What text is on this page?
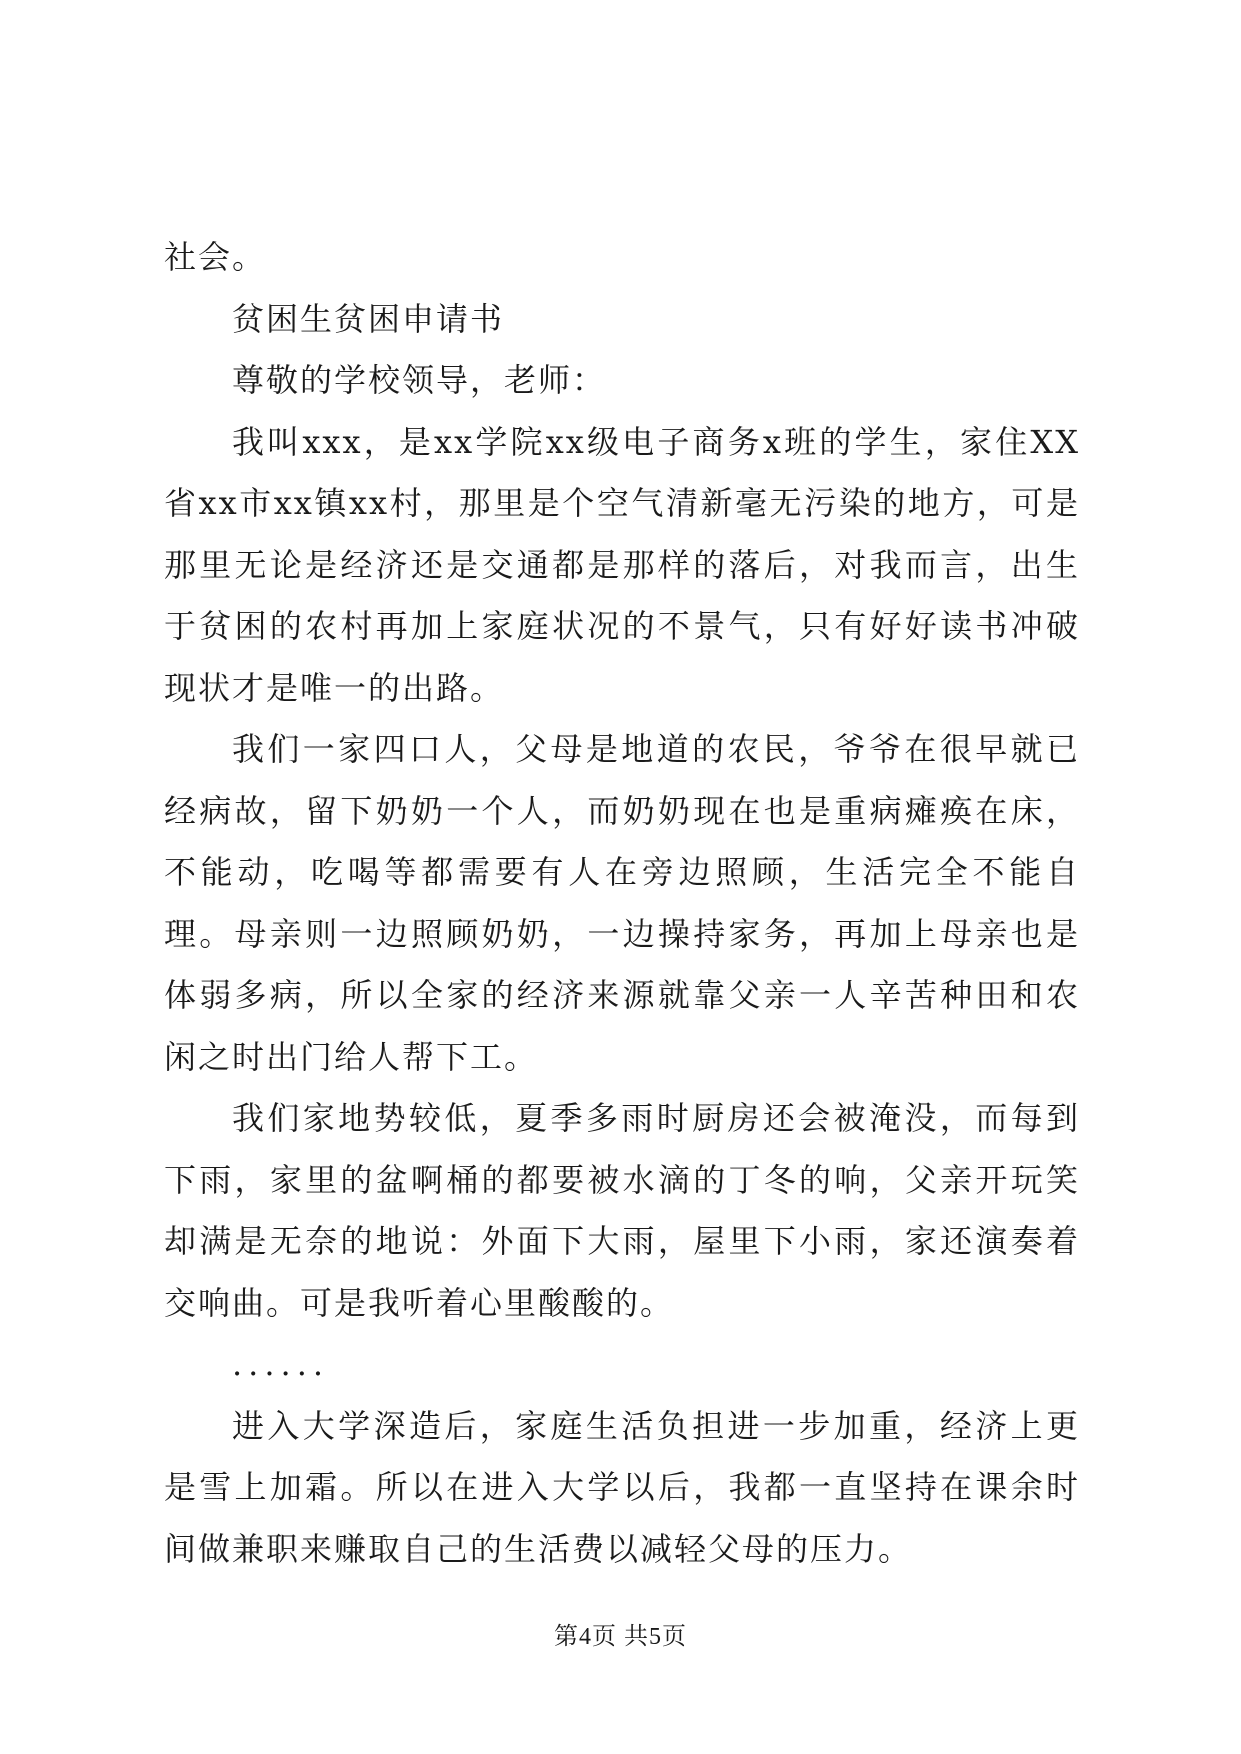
社会。

贫困生贫困申请书

尊敬的学校领导，老师：

我叫xxx，是xx学院xx级电子商务x班的学生，家住XX省xx市xx镇xx村，那里是个空气清新毫无污染的地方，可是那里无论是经济还是交通都是那样的落后，对我而言，出生于贫困的农村再加上家庭状况的不景气，只有好好读书冲破现状才是唯一的出路。

我们一家四口人，父母是地道的农民，爷爷在很早就已经病故，留下奶奶一个人，而奶奶现在也是重病瘫痪在床，不能动，吃喝等都需要有人在旁边照顾，生活完全不能自理。母亲则一边照顾奶奶，一边操持家务，再加上母亲也是体弱多病，所以全家的经济来源就靠父亲一人辛苦种田和农闲之时出门给人帮下工。

我们家地势较低，夏季多雨时厨房还会被淹没，而每到下雨，家里的盆啊桶的都要被水滴的丁冬的响，父亲开玩笑却满是无奈的地说：外面下大雨，屋里下小雨，家还演奏着交响曲。可是我听着心里酸酸的。

......

进入大学深造后，家庭生活负担进一步加重，经济上更是雪上加霜。所以在进入大学以后，我都一直坚持在课余时间做兼职来赚取自己的生活费以减轻父母的压力。

第4页 共5页
